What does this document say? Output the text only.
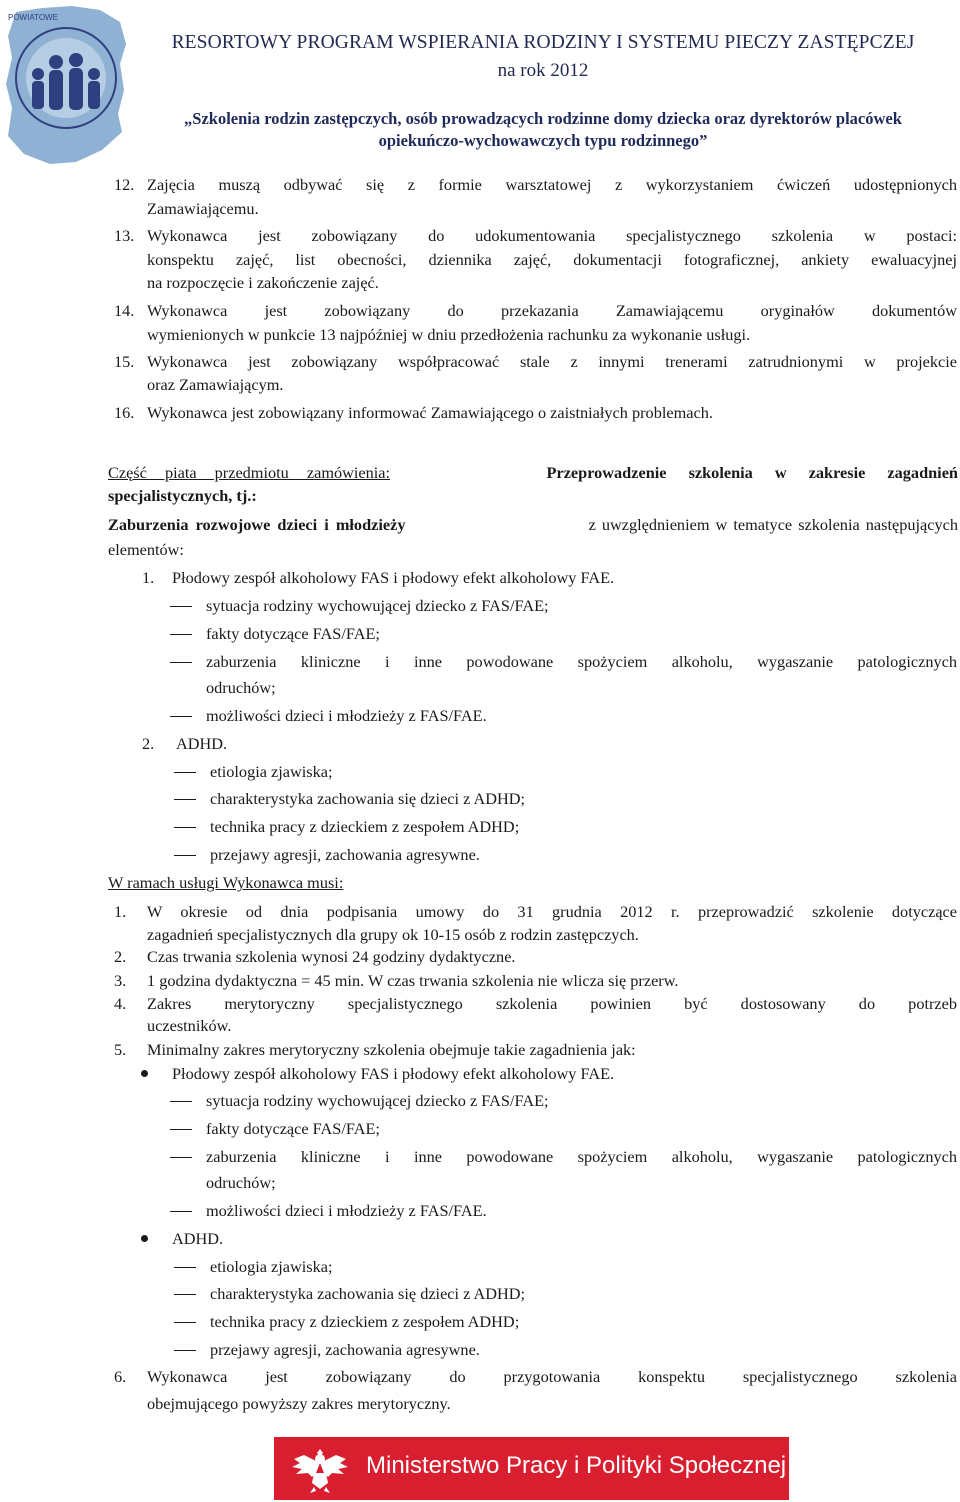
POWIATOWE
RESORTOWY PROGRAM WSPIERANIA RODZINY I SYSTEMU PIECZY ZASTĘPCZEJ
na rok 2012
„Szkolenia rodzin zastępczych, osób prowadzących rodzinne domy dziecka oraz dyrektorów placówek
opiekuńczo-wychowawczych typu rodzinnego”
12. Zajęcia muszą odbywać się z formie warsztatowej z wykorzystaniem ćwiczeń udostępnionych
Zamawiającemu.
13. Wykonawca jest zobowiązany do udokumentowania specjalistycznego szkolenia w postaci:
konspektu zajęć, list obecności, dziennika zajęć, dokumentacji fotograficznej, ankiety ewaluacyjnej
na rozpoczęcie i zakończenie zajęć.
14. Wykonawca jest zobowiązany do przekazania Zamawiającemu oryginałów dokumentów
wymienionych w punkcie 13 najpóźniej w dniu przedłożenia rachunku za wykonanie usługi.
15. Wykonawca jest zobowiązany współpracować stale z innymi trenerami zatrudnionymi w projekcie
oraz Zamawiającym.
16. Wykonawca jest zobowiązany informować Zamawiającego o zaistniałych problemach.
Część piata przedmiotu zamówienia:	Przeprowadzenie szkolenia w zakresie zagadnień
specjalistycznych, tj.:
Zaburzenia rozwojowe dzieci i młodzieży	z uwzględnieniem w tematyce szkolenia następujących
elementów:
1. Płodowy zespół alkoholowy FAS i płodowy efekt alkoholowy FAE.
sytuacja rodziny wychowującej dziecko z FAS/FAE;
fakty dotyczące FAS/FAE;
zaburzenia kliniczne i inne powodowane spożyciem alkoholu, wygaszanie patologicznych
odruchów;
możliwości dzieci i młodzieży z FAS/FAE.
2. ADHD.
etiologia zjawiska;
charakterystyka zachowania się dzieci z ADHD;
technika pracy z dzieckiem z zespołem ADHD;
przejawy agresji, zachowania agresywne.
W ramach usługi Wykonawca musi:
1. W okresie od dnia podpisania umowy do 31 grudnia 2012 r. przeprowadzić szkolenie dotyczące
zagadnień specjalistycznych dla grupy ok 10-15 osób z rodzin zastępczych.
2. Czas trwania szkolenia wynosi 24 godziny dydaktyczne.
3. 1 godzina dydaktyczna = 45 min. W czas trwania szkolenia nie wlicza się przerw.
4. Zakres merytoryczny specjalistycznego szkolenia powinien być dostosowany do potrzeb
uczestników.
5. Minimalny zakres merytoryczny szkolenia obejmuje takie zagadnienia jak:
Płodowy zespół alkoholowy FAS i płodowy efekt alkoholowy FAE.
sytuacja rodziny wychowującej dziecko z FAS/FAE;
fakty dotyczące FAS/FAE;
zaburzenia kliniczne i inne powodowane spożyciem alkoholu, wygaszanie patologicznych
odruchów;
możliwości dzieci i młodzieży z FAS/FAE.
ADHD.
etiologia zjawiska;
charakterystyka zachowania się dzieci z ADHD;
technika pracy z dzieckiem z zespołem ADHD;
przejawy agresji, zachowania agresywne.
6. Wykonawca jest zobowiązany do przygotowania konspektu specjalistycznego szkolenia
obejmującego powyższy zakres merytoryczny.
Ministerstwo Pracy i Polityki Społecznej
